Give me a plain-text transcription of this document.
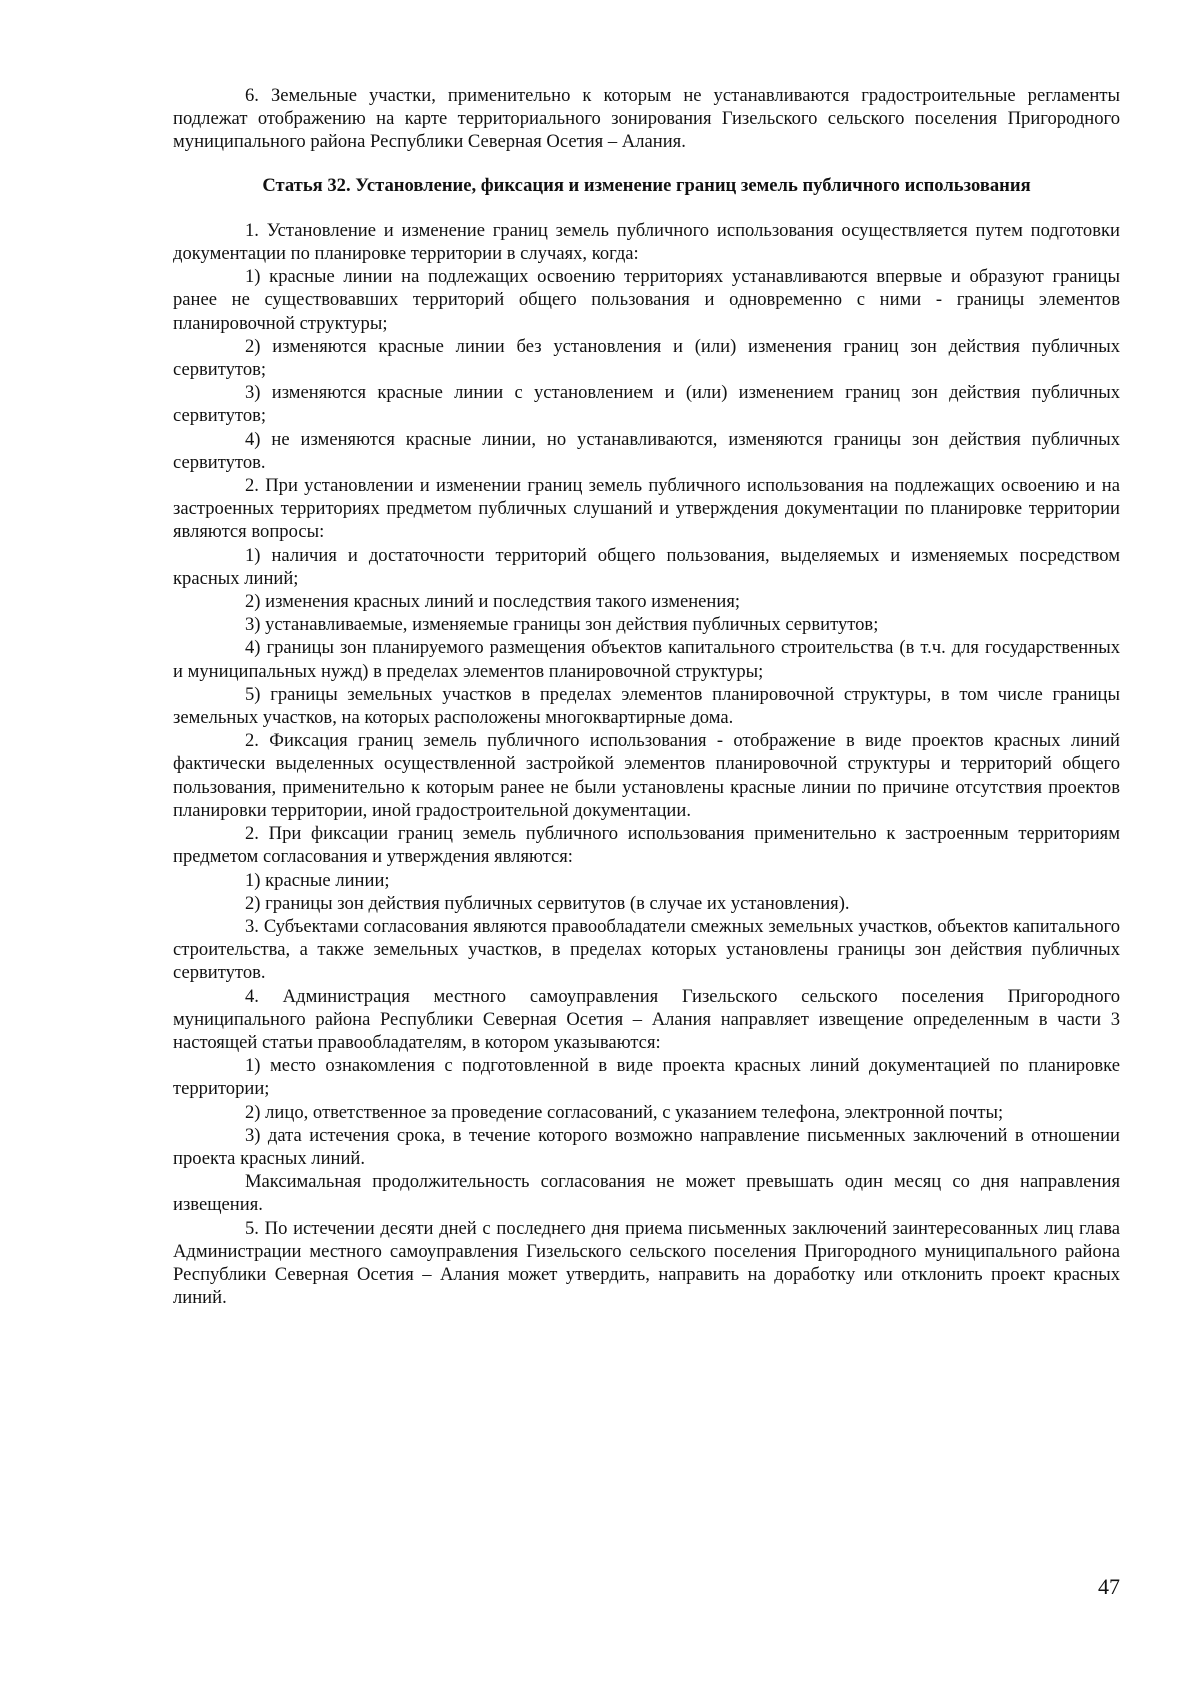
6. Земельные участки, применительно к которым не устанавливаются градостроительные регламенты подлежат отображению на карте территориального зонирования Гизельского сельского поселения Пригородного муниципального района Республики Северная Осетия – Алания.

Статья 32. Установление, фиксация и изменение границ земель публичного использования

1. Установление и изменение границ земель публичного использования осуществляется путем подготовки документации по планировке территории в случаях, когда:

1) красные линии на подлежащих освоению территориях устанавливаются впервые и образуют границы ранее не существовавших территорий общего пользования и одновременно с ними - границы элементов планировочной структуры;

2) изменяются красные линии без установления и (или) изменения границ зон действия публичных сервитутов;

3) изменяются красные линии с установлением и (или) изменением границ зон действия публичных сервитутов;

4) не изменяются красные линии, но устанавливаются, изменяются границы зон действия публичных сервитутов.

2. При установлении и изменении границ земель публичного использования на подлежащих освоению и на застроенных территориях предметом публичных слушаний и утверждения документации по планировке территории являются вопросы:

1) наличия и достаточности территорий общего пользования, выделяемых и изменяемых посредством красных линий;

2) изменения красных линий и последствия такого изменения;

3) устанавливаемые, изменяемые границы зон действия публичных сервитутов;

4) границы зон планируемого размещения объектов капитального строительства (в т.ч. для государственных и муниципальных нужд) в пределах элементов планировочной структуры;

5) границы земельных участков в пределах элементов планировочной структуры, в том числе границы земельных участков, на которых расположены многоквартирные дома.

2. Фиксация границ земель публичного использования - отображение в виде проектов красных линий фактически выделенных осуществленной застройкой элементов планировочной структуры и территорий общего пользования, применительно к которым ранее не были установлены красные линии по причине отсутствия проектов планировки территории, иной градостроительной документации.

2. При фиксации границ земель публичного использования применительно к застроенным территориям предметом согласования и утверждения являются:

1) красные линии;

2) границы зон действия публичных сервитутов (в случае их установления).

3. Субъектами согласования являются правообладатели смежных земельных участков, объектов капитального строительства, а также земельных участков, в пределах которых установлены границы зон действия публичных сервитутов.

4. Администрация местного самоуправления Гизельского сельского поселения Пригородного муниципального района Республики Северная Осетия – Алания направляет извещение определенным в части 3 настоящей статьи правообладателям, в котором указываются:

1) место ознакомления с подготовленной в виде проекта красных линий документацией по планировке территории;

2) лицо, ответственное за проведение согласований, с указанием телефона, электронной почты;

3) дата истечения срока, в течение которого возможно направление письменных заключений в отношении проекта красных линий.

Максимальная продолжительность согласования не может превышать один месяц со дня направления извещения.

5. По истечении десяти дней с последнего дня приема письменных заключений заинтересованных лиц глава Администрации местного самоуправления Гизельского сельского поселения Пригородного муниципального района Республики Северная Осетия – Алания может утвердить, направить на доработку или отклонить проект красных линий.

47
